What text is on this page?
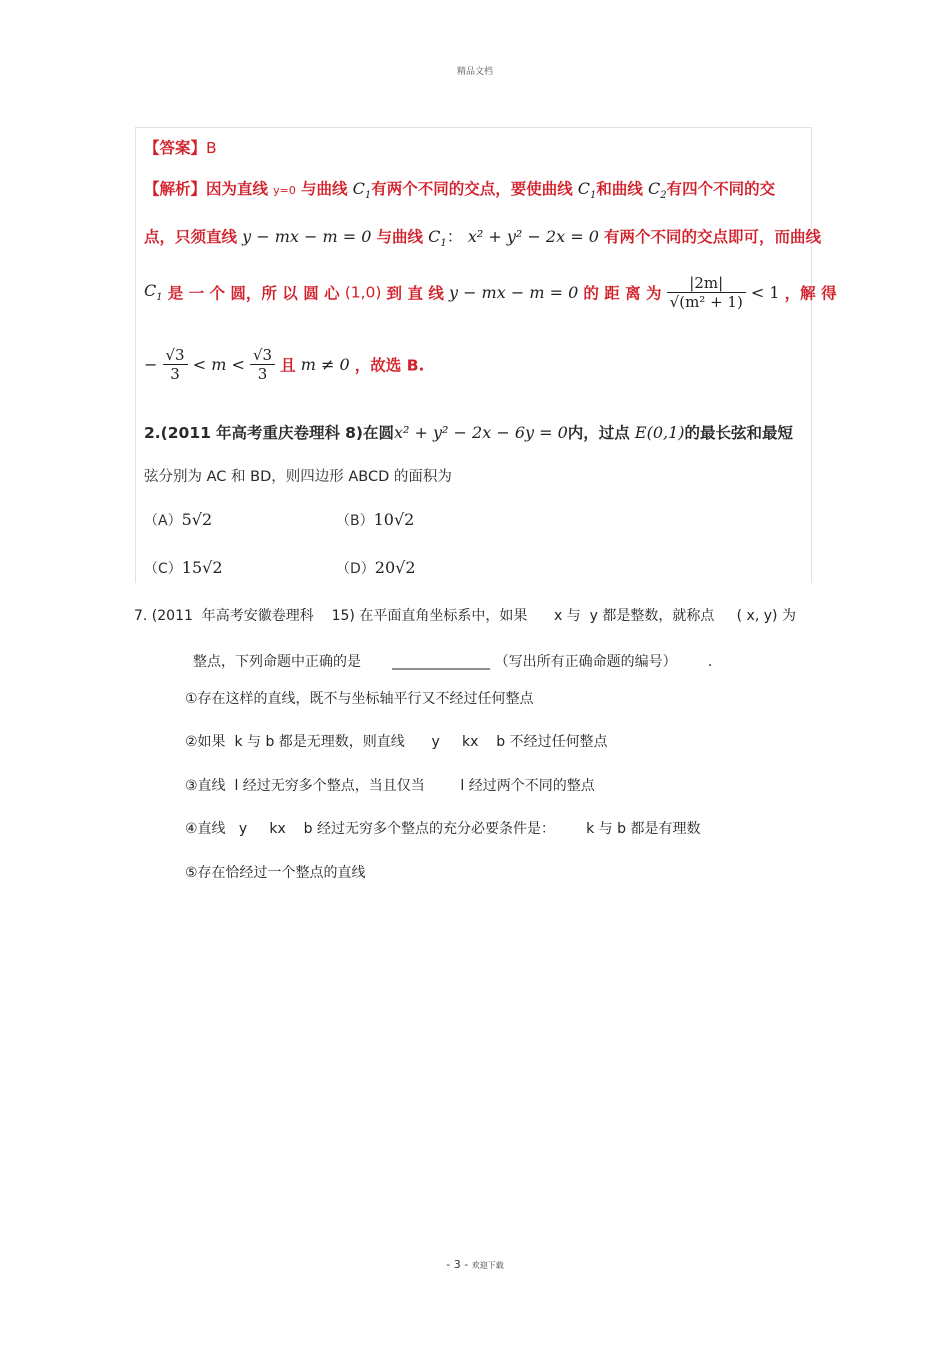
精品文档
【答案】B
【解析】因为直线 y=0 与曲线 $C_1$有两个不同的交点，要使曲线 $C_1$和曲线 $C_2$有四个不同的交
点，只须直线 y − mx − m = 0 与曲线 $C_1$： x² + y² − 2x = 0 有两个不同的交点即可，而曲线
$C_1$ 是 一 个 圆，所 以 圆 心 (1,0) 到 直 线 y − mx − m = 0 的 距 离 为 $\frac{|2m|}{\text{√(m² + 1)}} < 1$ ，解 得
− $\frac{√3}{3} < m < \frac{√3}{3}$ 且 m ≠ 0 ，故选 B.
2.(2011 年高考重庆卷理科 8)在圆x² + y² − 2x − 6y = 0内，过点 E(0,1)的最长弦和最短
弦分别为 AC 和 BD，则四边形 ABCD 的面积为
（A）5√2	（B）10√2
（C）15√2	（D）20√2
7. (2011  年高考安徽卷理科    15) 在平面直角坐标系中，如果      x 与  y 都是整数，就称点     ( x, y) 为
整点，下列命题中正确的是       ______________ （写出所有正确命题的编号）       .
①存在这样的直线，既不与坐标轴平行又不经过任何整点
②如果  k 与 b 都是无理数，则直线      y     kx    b 不经过任何整点
③直线  l 经过无穷多个整点，当且仅当        l 经过两个不同的整点
④直线   y     kx    b 经过无穷多个整点的充分必要条件是：       k 与 b 都是有理数
⑤存在恰经过一个整点的直线
- 3 - 欢迎下载
